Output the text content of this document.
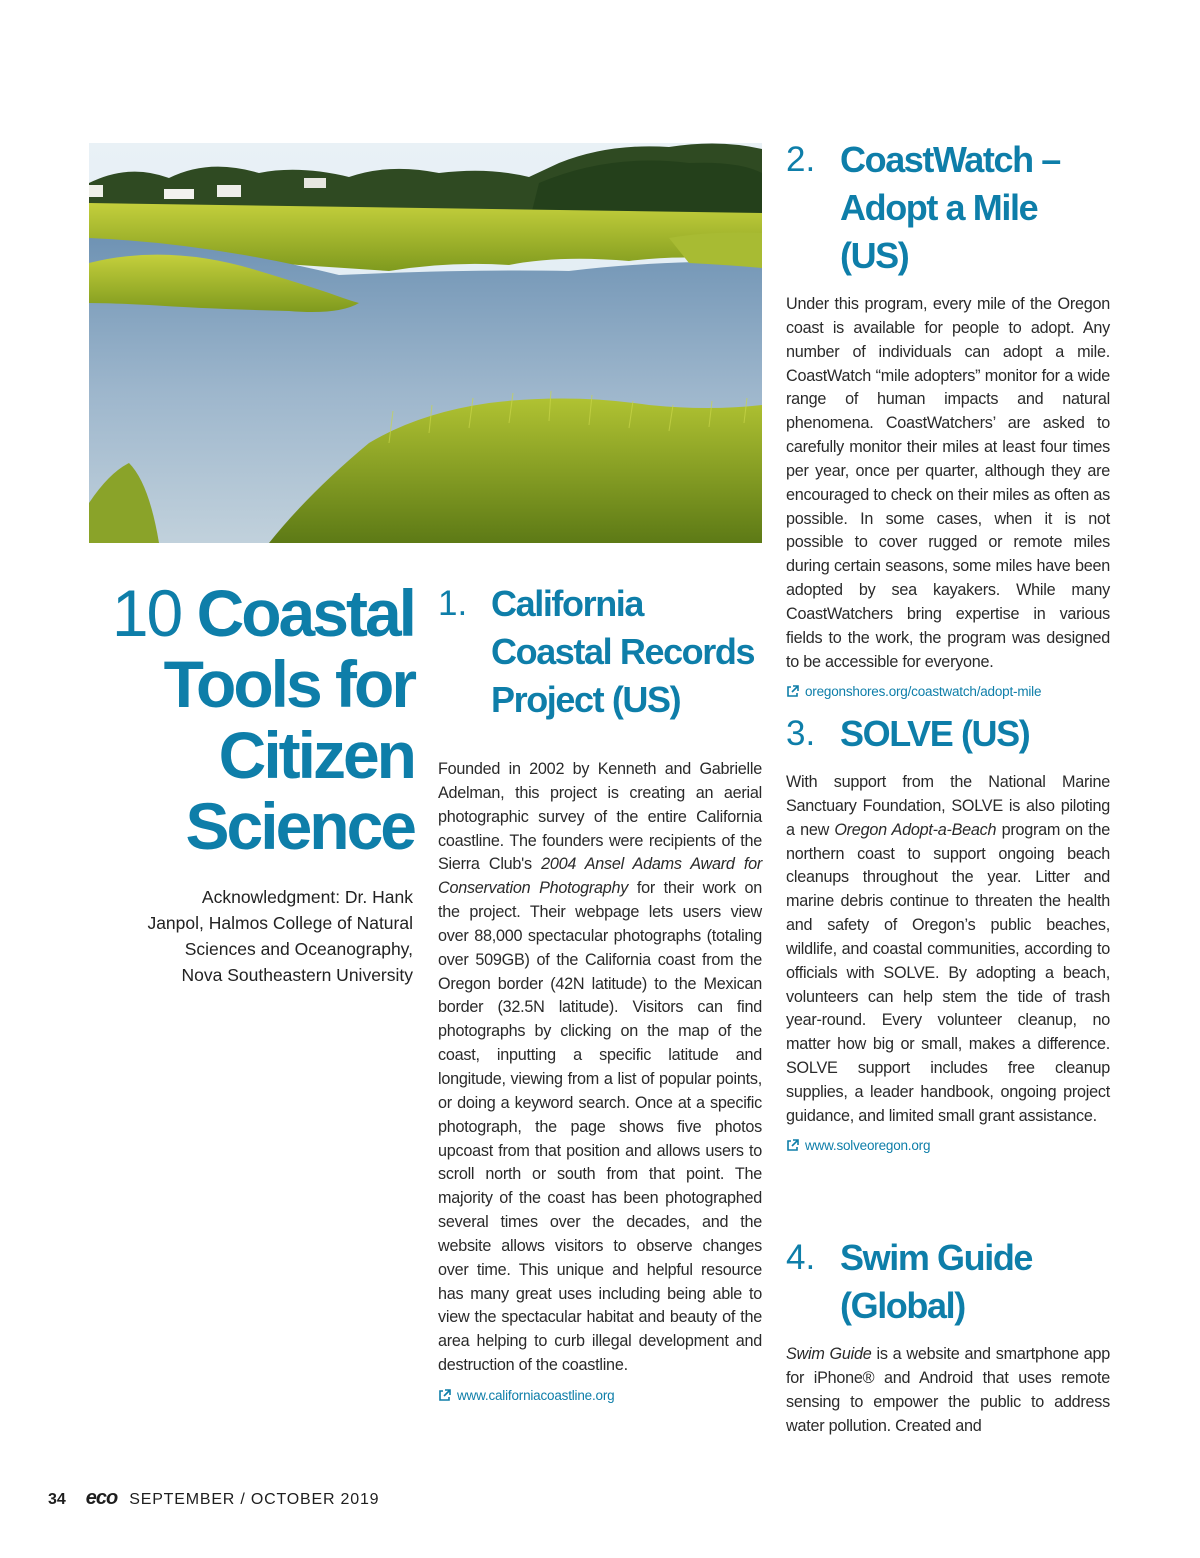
10 Coastal
Tools for
Citizen
Science
Acknowledgment: Dr. Hank
Janpol, Halmos College of Natural
Sciences and Oceanography,
Nova Southeastern University
1. California
Coastal Records
Project (US)

Founded in 2002 by Kenneth and Gabrielle Adelman, this project is creating an aerial photographic survey of the entire California coastline. The founders were recipients of the Sierra Club's 2004 Ansel Adams Award for Conservation Photography for their work on the project. Their webpage lets users view over 88,000 spectacular photographs (totaling over 509GB) of the California coast from the Oregon border (42N latitude) to the Mexican border (32.5N latitude). Visitors can find photographs by clicking on the map of the coast, inputting a specific latitude and longitude, viewing from a list of popular points, or doing a keyword search. Once at a specific photograph, the page shows five photos upcoast from that position and allows users to scroll north or south from that point. The majority of the coast has been photographed several times over the decades, and the website allows visitors to observe changes over time. This unique and helpful resource has many great uses including being able to view the spectacular habitat and beauty of the area helping to curb illegal development and destruction of the coastline.

www.californiacoastline.org
2. CoastWatch –
Adopt a Mile (US)

Under this program, every mile of the Oregon coast is available for people to adopt. Any number of individuals can adopt a mile. CoastWatch “mile adopters” monitor for a wide range of human impacts and natural phenomena. CoastWatchers’ are asked to carefully monitor their miles at least four times per year, once per quarter, although they are encouraged to check on their miles as often as possible. In some cases, when it is not possible to cover rugged or remote miles during certain seasons, some miles have been adopted by sea kayakers. While many CoastWatchers bring expertise in various fields to the work, the program was designed to be accessible for everyone.

oregonshores.org/coastwatch/adopt-mile
3. SOLVE (US)

With support from the National Marine Sanctuary Foundation, SOLVE is also piloting a new Oregon Adopt-a-Beach program on the northern coast to support ongoing beach cleanups throughout the year. Litter and marine debris continue to threaten the health and safety of Oregon’s public beaches, wildlife, and coastal communities, according to officials with SOLVE. By adopting a beach, volunteers can help stem the tide of trash year-round. Every volunteer cleanup, no matter how big or small, makes a difference. SOLVE support includes free cleanup supplies, a leader handbook, ongoing project guidance, and limited small grant assistance.

www.solveoregon.org
4. Swim Guide
(Global)

Swim Guide is a website and smartphone app for iPhone® and Android that uses remote sensing to empower the public to address water pollution. Created and

34 eco SEPTEMBER / OCTOBER 2019
